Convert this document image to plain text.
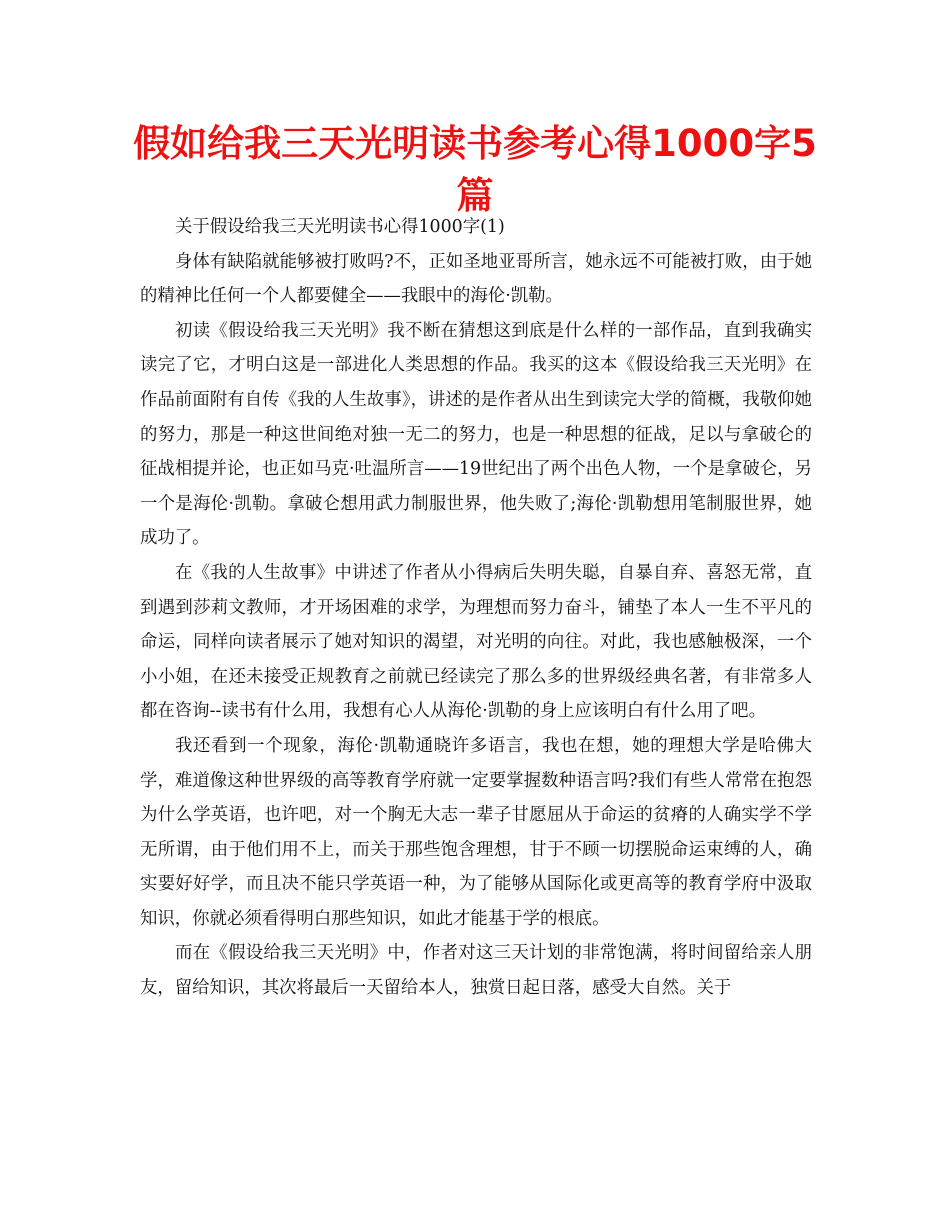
假如给我三天光明读书参考心得1000字5篇

关于假设给我三天光明读书心得1000字(1)

身体有缺陷就能够被打败吗?不，正如圣地亚哥所言，她永远不可能被打败，由于她的精神比任何一个人都要健全——我眼中的海伦·凯勒。

初读《假设给我三天光明》我不断在猜想这到底是什么样的一部作品，直到我确实读完了它，才明白这是一部进化人类思想的作品。我买的这本《假设给我三天光明》在作品前面附有自传《我的人生故事》，讲述的是作者从出生到读完大学的简概，我敬仰她的努力，那是一种这世间绝对独一无二的努力，也是一种思想的征战，足以与拿破仑的征战相提并论，也正如马克·吐温所言——19世纪出了两个出色人物，一个是拿破仑，另一个是海伦·凯勒。拿破仑想用武力制服世界，他失败了;海伦·凯勒想用笔制服世界，她成功了。

在《我的人生故事》中讲述了作者从小得病后失明失聪，自暴自弃、喜怒无常，直到遇到莎莉文教师，才开场困难的求学，为理想而努力奋斗，铺垫了本人一生不平凡的命运，同样向读者展示了她对知识的渴望，对光明的向往。对此，我也感触极深，一个小小姐，在还未接受正规教育之前就已经读完了那么多的世界级经典名著，有非常多人都在咨询--读书有什么用，我想有心人从海伦·凯勒的身上应该明白有什么用了吧。

我还看到一个现象，海伦·凯勒通晓许多语言，我也在想，她的理想大学是哈佛大学，难道像这种世界级的高等教育学府就一定要掌握数种语言吗?我们有些人常常在抱怨为什么学英语，也许吧，对一个胸无大志一辈子甘愿屈从于命运的贫瘠的人确实学不学无所谓，由于他们用不上，而关于那些饱含理想，甘于不顾一切摆脱命运束缚的人，确实要好好学，而且决不能只学英语一种，为了能够从国际化或更高等的教育学府中汲取知识，你就必须看得明白那些知识，如此才能基于学的根底。

而在《假设给我三天光明》中，作者对这三天计划的非常饱满，将时间留给亲人朋友，留给知识，其次将最后一天留给本人，独赏日起日落，感受大自然。关于
